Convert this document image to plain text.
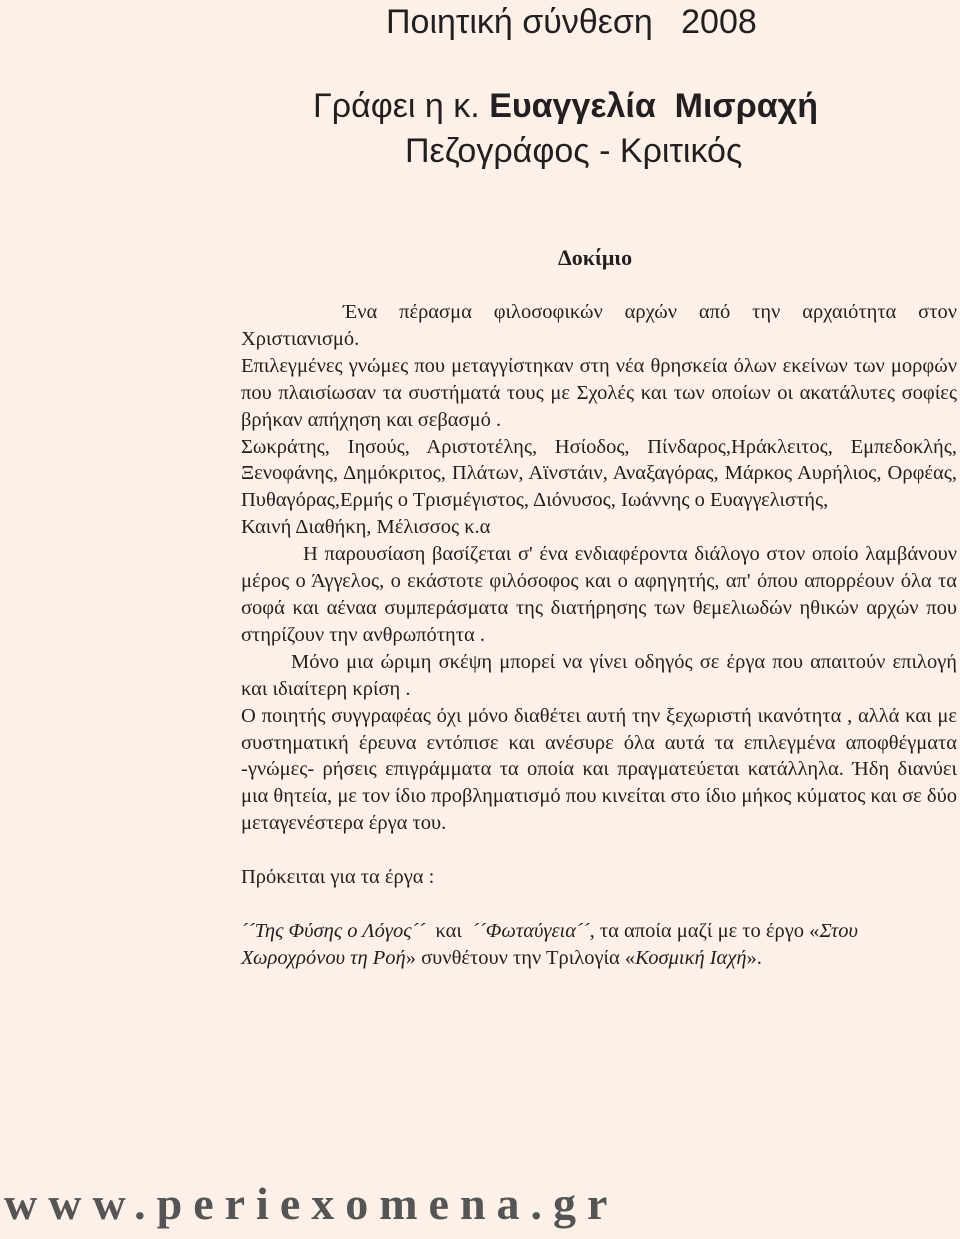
Ποιητική σύνθεση   2008
Γράφει η κ. Ευαγγελία  Μισραχή
Πεζογράφος - Κριτικός
Δοκίμιο

Ένα πέρασμα φιλοσοφικών αρχών από την αρχαιότητα στον Χριστιανισμό.

Επιλεγμένες γνώμες που μεταγγίστηκαν στη νέα θρησκεία όλων εκείνων των μορφών που πλαισίωσαν τα συστήματά τους με Σχολές και των οποίων οι ακατάλυτες σοφίες βρήκαν απήχηση και σεβασμό .

Σωκράτης, Ιησούς, Αριστοτέλης, Ησίοδος, Πίνδαρος,Ηράκλειτος, Εμπεδοκλής, Ξενοφάνης, Δημόκριτος, Πλάτων, Αϊνστάιν, Αναξαγόρας, Μάρκος Αυρήλιος, Ορφέας, Πυθαγόρας,Ερμής ο Τρισμέγιστος, Διόνυσος, Ιωάννης ο Ευαγγελιστής,

Καινή Διαθήκη, Μέλισσος κ.α

Η παρουσίαση βασίζεται σ' ένα ενδιαφέροντα διάλογο στον οποίο λαμβάνουν μέρος ο Άγγελος, ο εκάστοτε φιλόσοφος και ο αφηγητής, απ' όπου απορρέουν όλα τα σοφά και αέναα συμπεράσματα της διατήρησης των θεμελιωδών ηθικών αρχών που στηρίζουν την ανθρωπότητα .

Μόνο μια ώριμη σκέψη μπορεί να γίνει οδηγός σε έργα που απαιτούν επιλογή και ιδιαίτερη κρίση .

Ο ποιητής συγγραφέας όχι μόνο διαθέτει αυτή την ξεχωριστή ικανότητα , αλλά και με συστηματική έρευνα εντόπισε και ανέσυρε όλα αυτά τα επιλεγμένα αποφθέγματα -γνώμες- ρήσεις επιγράμματα τα οποία και πραγματεύεται κατάλληλα. Ήδη διανύει μια θητεία, με τον ίδιο προβληματισμό που κινείται στο ίδιο μήκος κύματος και σε δύο μεταγενέστερα έργα του.

Πρόκειται για τα έργα :

´´Της Φύσης ο Λόγος´´  και  ´´Φωταύγεια´´, τα αποία μαζί με το έργο «Στου Χωροχρόνου τη Ροή» συνθέτουν την Τριλογία «Κοσμική Ιαχή».

www.periexomena.gr
